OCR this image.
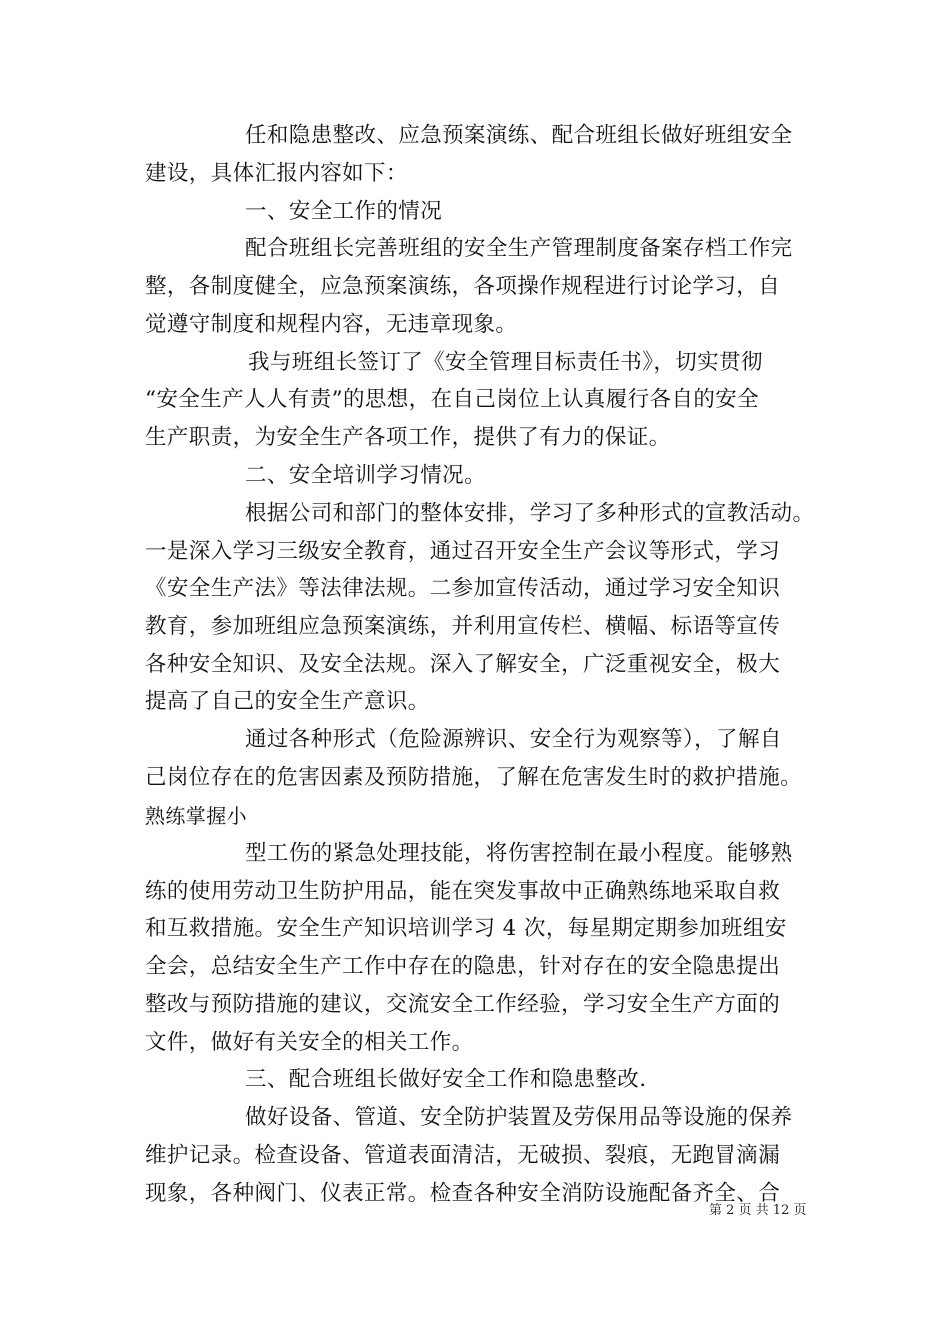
任和隐患整改、应急预案演练、配合班组长做好班组安全
建设，具体汇报内容如下：
一、安全工作的情况
配合班组长完善班组的安全生产管理制度备案存档工作完
整，各制度健全，应急预案演练，各项操作规程进行讨论学习，自
觉遵守制度和规程内容，无违章现象。
我与班组长签订了《安全管理目标责任书》，切实贯彻
“安全生产人人有责”的思想，在自己岗位上认真履行各自的安全
生产职责，为安全生产各项工作，提供了有力的保证。
二、安全培训学习情况。
根据公司和部门的整体安排，学习了多种形式的宣教活动。
一是深入学习三级安全教育，通过召开安全生产会议等形式，学习
《安全生产法》等法律法规。二参加宣传活动，通过学习安全知识
教育，参加班组应急预案演练，并利用宣传栏、横幅、标语等宣传
各种安全知识、及安全法规。深入了解安全，广泛重视安全，极大
提高了自己的安全生产意识。
通过各种形式（危险源辨识、安全行为观察等），了解自
己岗位存在的危害因素及预防措施，了解在危害发生时的救护措施。
熟练掌握小
型工伤的紧急处理技能，将伤害控制在最小程度。能够熟
练的使用劳动卫生防护用品，能在突发事故中正确熟练地采取自救
和互救措施。安全生产知识培训学习 4 次，每星期定期参加班组安
全会，总结安全生产工作中存在的隐患，针对存在的安全隐患提出
整改与预防措施的建议，交流安全工作经验，学习安全生产方面的
文件，做好有关安全的相关工作。
三、配合班组长做好安全工作和隐患整改.
做好设备、管道、安全防护装置及劳保用品等设施的保养
维护记录。检查设备、管道表面清洁，无破损、裂痕，无跑冒滴漏
现象，各种阀门、仪表正常。检查各种安全消防设施配备齐全、合
第 2 页 共 12 页
